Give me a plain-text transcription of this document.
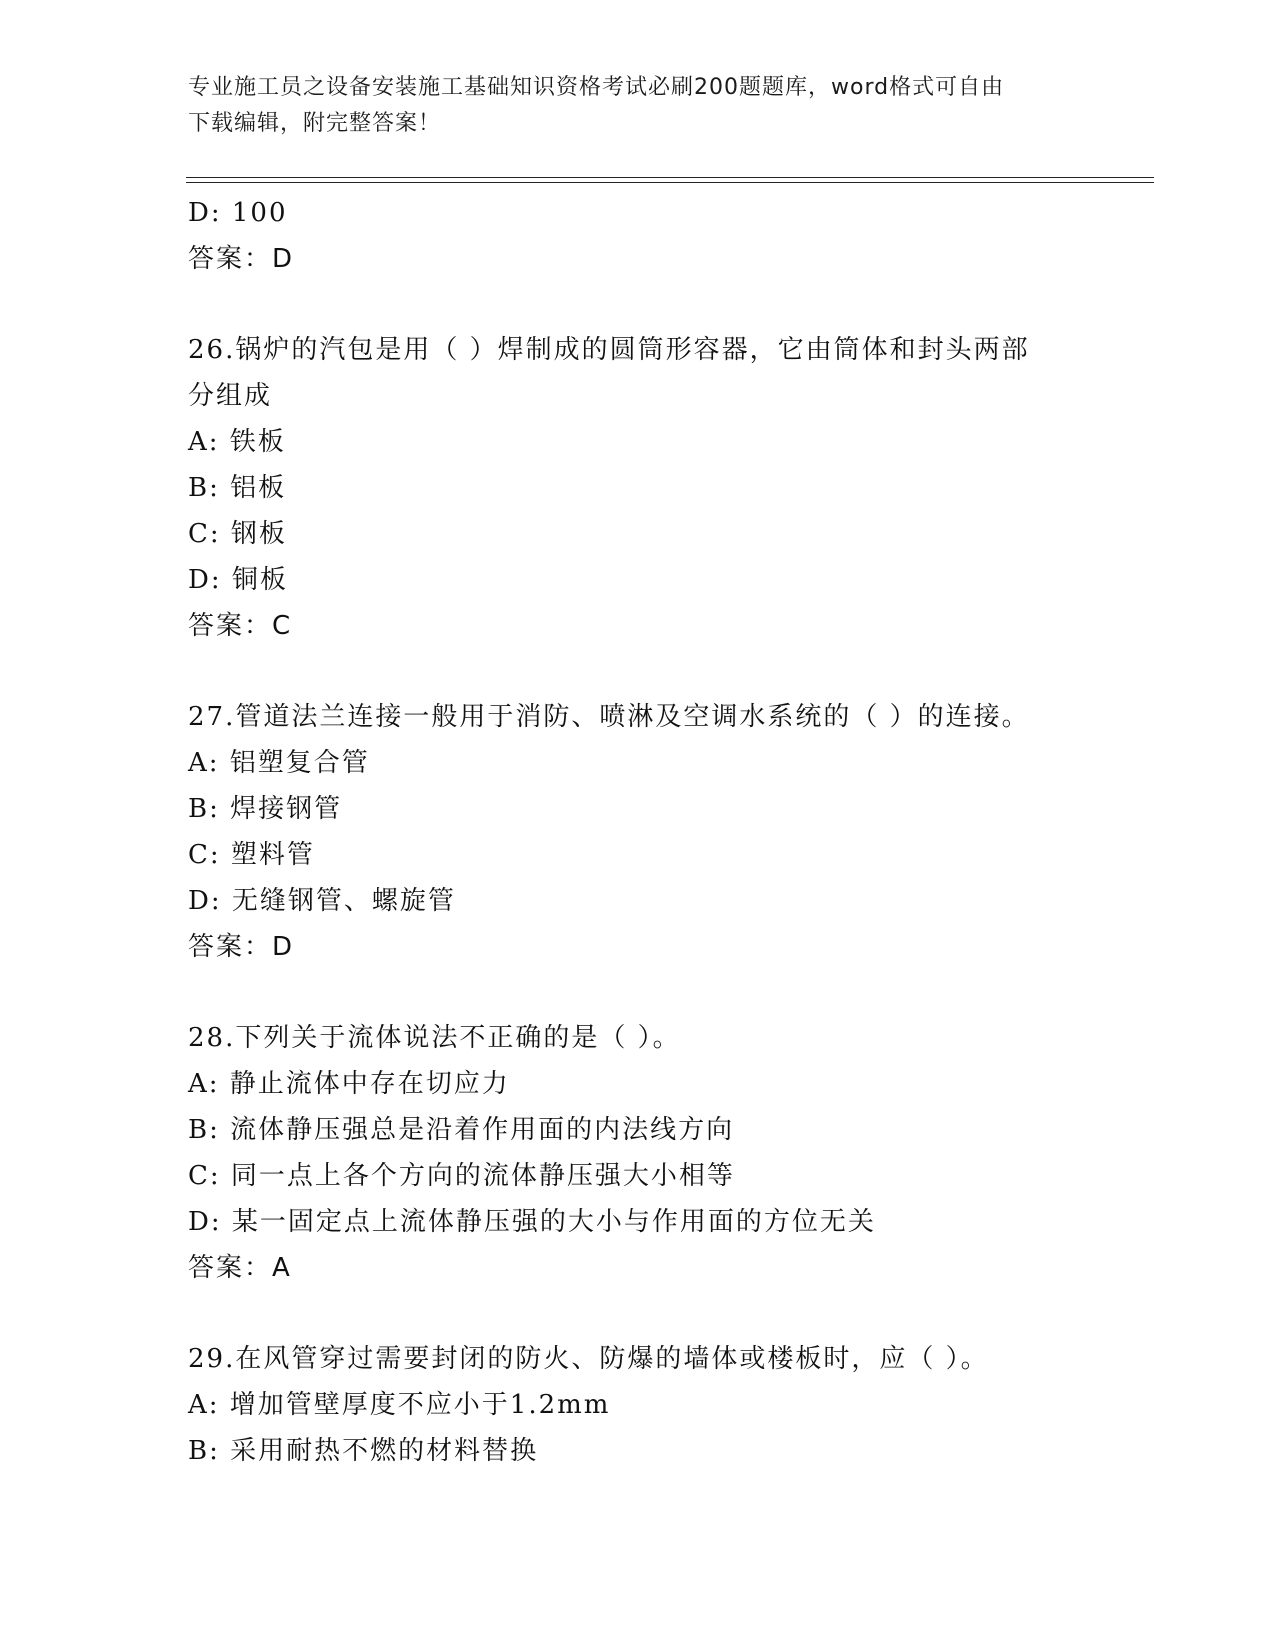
专业施工员之设备安装施工基础知识资格考试必刷200题题库，word格式可自由
下载编辑，附完整答案！
D: 100
答案：D
26.锅炉的汽包是用（ ）焊制成的圆筒形容器，它由筒体和封头两部
分组成
A: 铁板
B: 铝板
C: 钢板
D: 铜板
答案：C
27.管道法兰连接一般用于消防、喷淋及空调水系统的（ ）的连接。
A: 铝塑复合管
B: 焊接钢管
C: 塑料管
D: 无缝钢管、螺旋管
答案：D
28.下列关于流体说法不正确的是（ ）。
A: 静止流体中存在切应力
B: 流体静压强总是沿着作用面的内法线方向
C: 同一点上各个方向的流体静压强大小相等
D: 某一固定点上流体静压强的大小与作用面的方位无关
答案：A
29.在风管穿过需要封闭的防火、防爆的墙体或楼板时，应（ ）。
A: 增加管壁厚度不应小于1.2mm
B: 采用耐热不燃的材料替换
